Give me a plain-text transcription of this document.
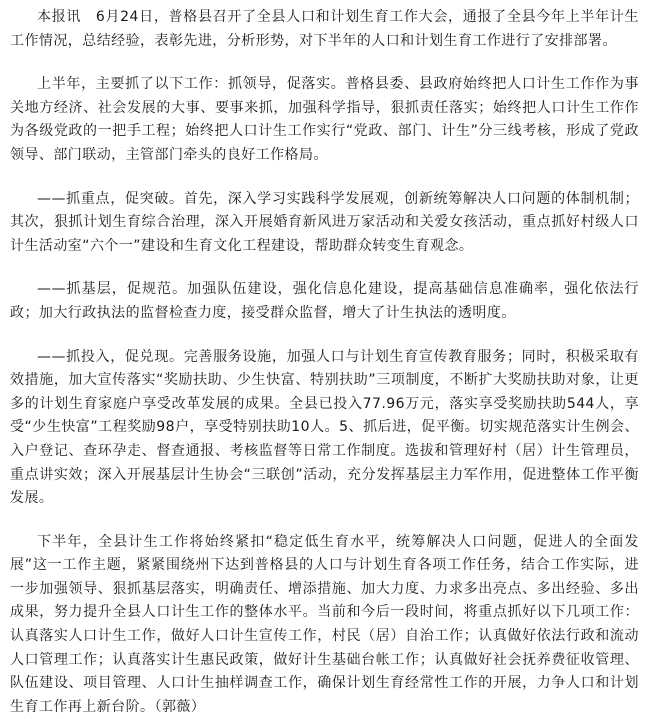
本报讯　6月24日，普格县召开了全县人口和计划生育工作大会，通报了全县今年上半年计生工作情况，总结经验，表彰先进，分析形势，对下半年的人口和计划生育工作进行了安排部署。

上半年，主要抓了以下工作：抓领导，促落实。普格县委、县政府始终把人口计生工作作为事关地方经济、社会发展的大事、要事来抓，加强科学指导，狠抓责任落实；始终把人口计生工作作为各级党政的一把手工程；始终把人口计生工作实行“党政、部门、计生”分三线考核，形成了党政领导、部门联动，主管部门牵头的良好工作格局。

——抓重点，促突破。首先，深入学习实践科学发展观，创新统筹解决人口问题的体制机制；其次，狠抓计划生育综合治理，深入开展婚育新风进万家活动和关爱女孩活动，重点抓好村级人口计生活动室“六个一”建设和生育文化工程建设，帮助群众转变生育观念。

——抓基层，促规范。加强队伍建设，强化信息化建设，提高基础信息准确率，强化依法行政；加大行政执法的监督检查力度，接受群众监督，增大了计生执法的透明度。

——抓投入，促兑现。完善服务设施，加强人口与计划生育宣传教育服务；同时，积极采取有效措施，加大宣传落实“奖励扶助、少生快富、特别扶助”三项制度，不断扩大奖励扶助对象，让更多的计划生育家庭户享受改革发展的成果。全县已投入77.96万元，落实享受奖励扶助544人，享受“少生快富”工程奖励98户，享受特别扶助10人。5、抓后进，促平衡。切实规范落实计生例会、入户登记、查环孕走、督查通报、考核监督等日常工作制度。选拔和管理好村（居）计生管理员，重点讲实效；深入开展基层计生协会“三联创”活动，充分发挥基层主力军作用，促进整体工作平衡发展。

下半年，全县计生工作将始终紧扣“稳定低生育水平，统筹解决人口问题，促进人的全面发展”这一工作主题，紧紧围绕州下达到普格县的人口与计划生育各项工作任务，结合工作实际，进一步加强领导、狠抓基层落实，明确责任、增添措施、加大力度、力求多出亮点、多出经验、多出成果，努力提升全县人口计生工作的整体水平。当前和今后一段时间，将重点抓好以下几项工作：认真落实人口计生工作，做好人口计生宣传工作，村民（居）自治工作；认真做好依法行政和流动人口管理工作；认真落实计生惠民政策，做好计生基础台帐工作；认真做好社会抚养费征收管理、队伍建设、项目管理、人口计生抽样调查工作，确保计划生育经常性工作的开展，力争人口和计划生育工作再上新台阶。（郭薇）
